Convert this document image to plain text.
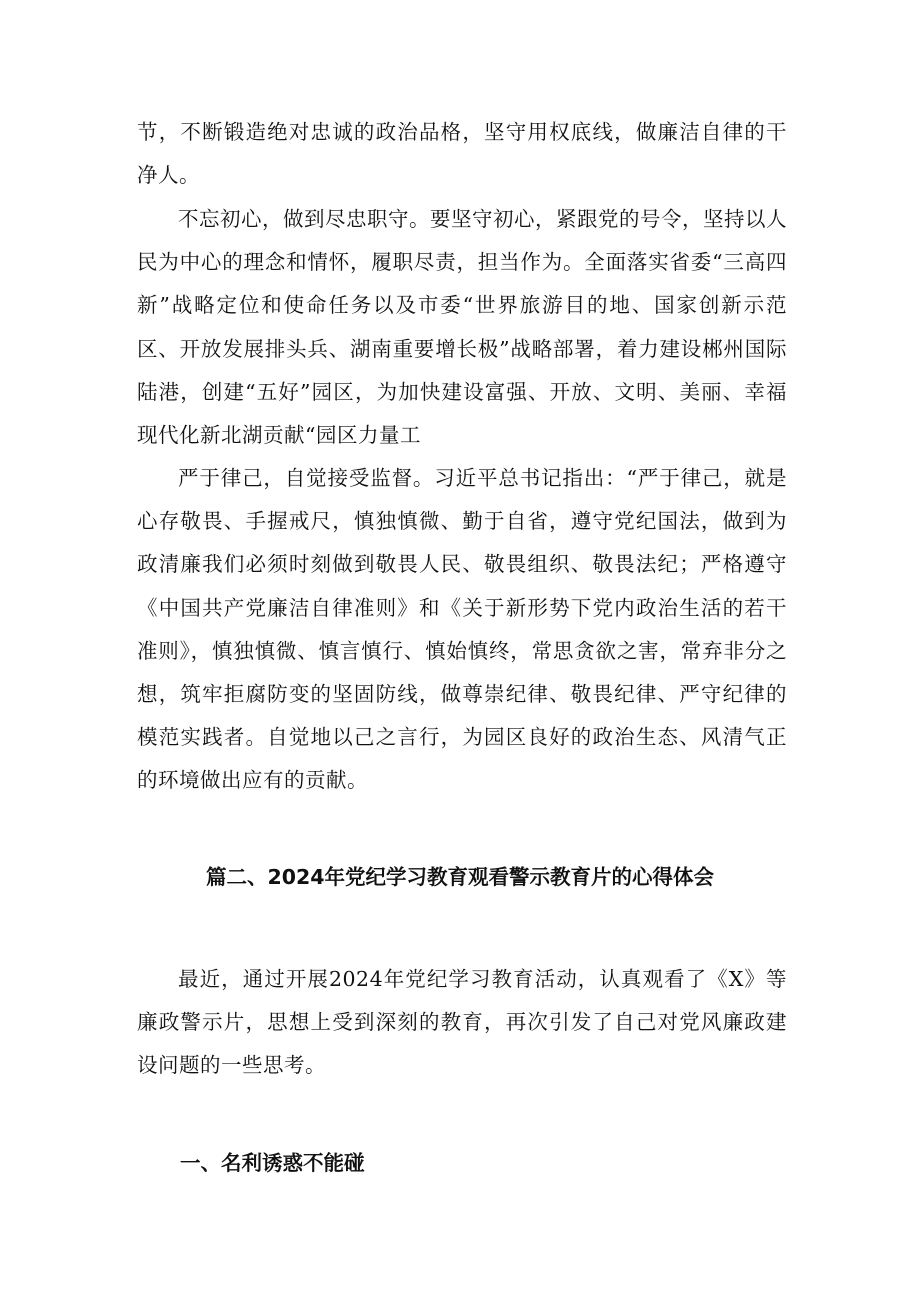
节，不断锻造绝对忠诚的政治品格，坚守用权底线，做廉洁自律的干净人。

不忘初心，做到尽忠职守。要坚守初心，紧跟党的号令，坚持以人民为中心的理念和情怀，履职尽责，担当作为。全面落实省委“三高四新”战略定位和使命任务以及市委“世界旅游目的地、国家创新示范区、开放发展排头兵、湖南重要增长极”战略部署，着力建设郴州国际陆港，创建“五好”园区，为加快建设富强、开放、文明、美丽、幸福现代化新北湖贡献“园区力量工

严于律己，自觉接受监督。习近平总书记指出：“严于律己，就是心存敬畏、手握戒尺，慎独慎微、勤于自省，遵守党纪国法，做到为政清廉我们必须时刻做到敬畏人民、敬畏组织、敬畏法纪；严格遵守《中国共产党廉洁自律准则》和《关于新形势下党内政治生活的若干准则》，慎独慎微、慎言慎行、慎始慎终，常思贪欲之害，常弃非分之想，筑牢拒腐防变的坚固防线，做尊崇纪律、敬畏纪律、严守纪律的模范实践者。自觉地以己之言行，为园区良好的政治生态、风清气正的环境做出应有的贡献。

篇二、2024年党纪学习教育观看警示教育片的心得体会

最近，通过开展2024年党纪学习教育活动，认真观看了《X》等廉政警示片，思想上受到深刻的教育，再次引发了自己对党风廉政建设问题的一些思考。

一、名利诱惑不能碰
